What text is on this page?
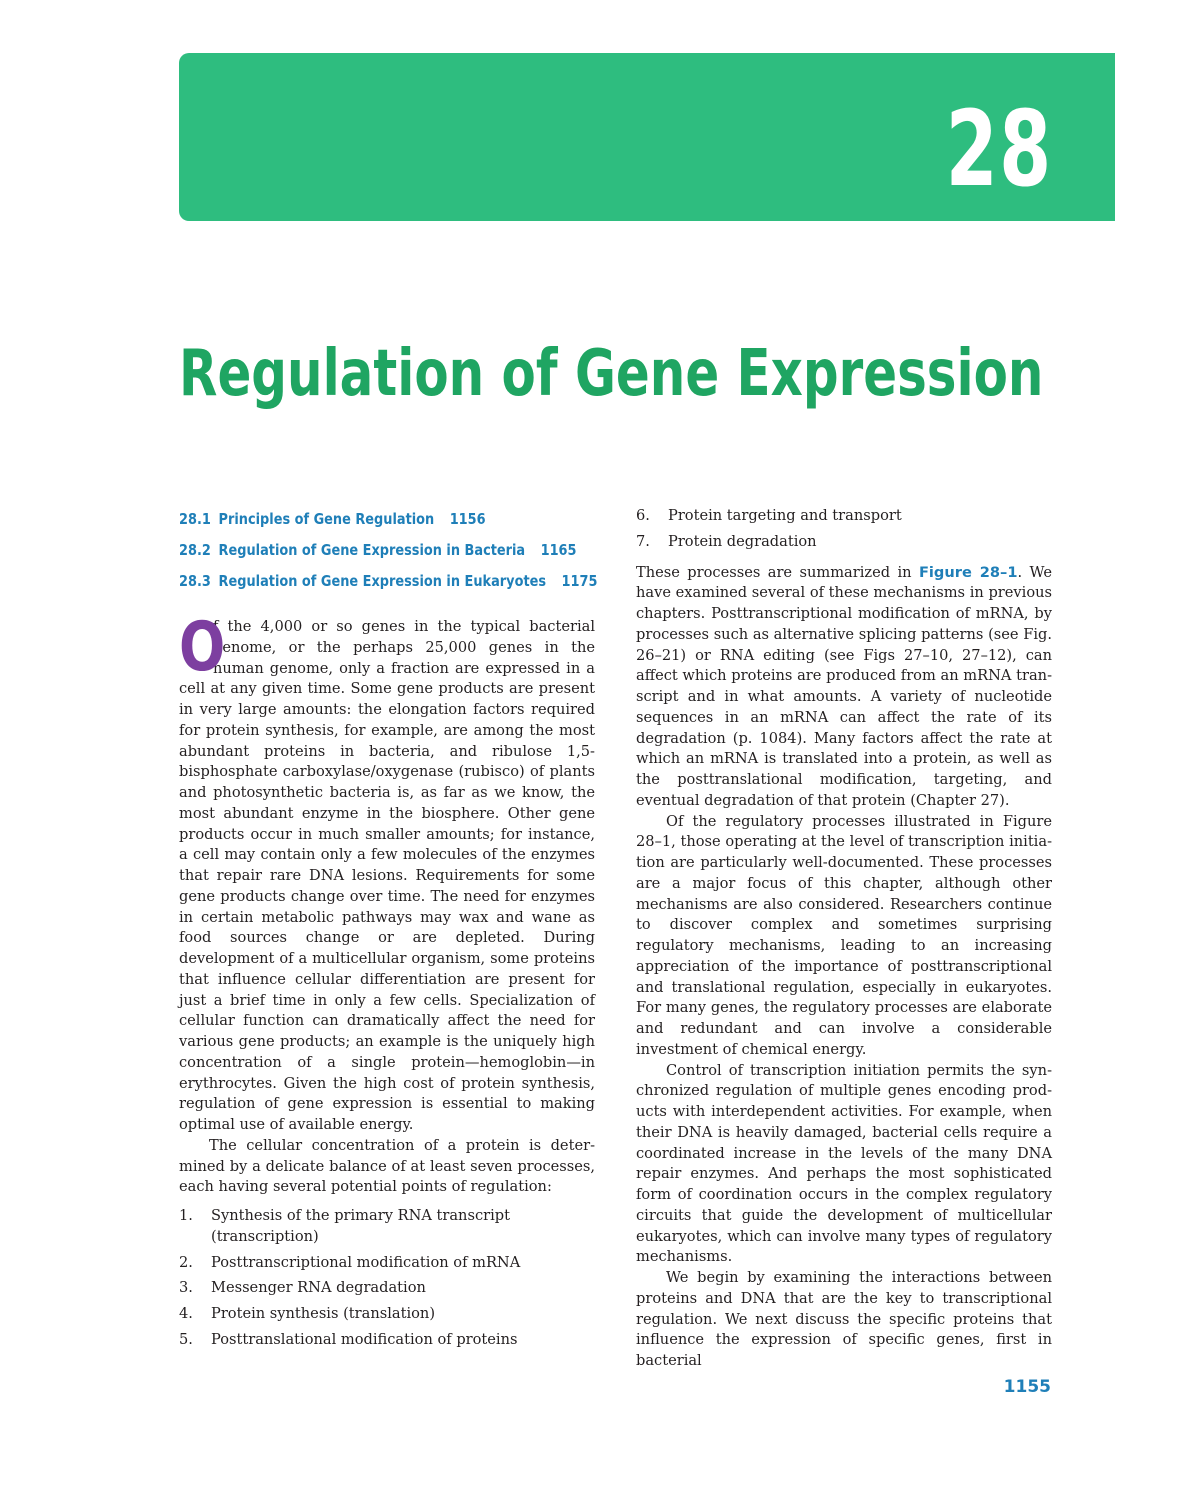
28
Regulation of Gene Expression
28.1 Principles of Gene Regulation 1156
28.2 Regulation of Gene Expression in Bacteria 1165
28.3 Regulation of Gene Expression in Eukaryotes 1175

O
f the 4,000 or so genes in the typical bacterial genome, or the perhaps 25,000 genes in the human genome, only a fraction are expressed in a cell at any given time. Some gene products are present in very large amounts: the elongation factors required for protein synthesis, for example, are among the most abundant proteins in bacteria, and ribulose 1,5-bisphosphate carboxylase/oxygenase (rubisco) of plants and photosynthetic bacteria is, as far as we know, the most abundant enzyme in the biosphere. Other gene products occur in much smaller amounts; for instance, a cell may contain only a few molecules of the enzymes that repair rare DNA lesions. Requirements for some gene products change over time. The need for enzymes in certain metabolic pathways may wax and wane as food sources change or are depleted. During development of a multicellular organism, some proteins that influence cellular differentiation are present for just a brief time in only a few cells. Specialization of cellular function can dramatically affect the need for various gene products; an example is the uniquely high concentration of a single protein—hemoglobin—in erythrocytes. Given the high cost of protein synthesis, regulation of gene expression is essential to making optimal use of available energy.

The cellular concentration of a protein is determined by a delicate balance of at least seven processes, each having several potential points of regulation:

1.	Synthesis of the primary RNA transcript (transcription)
2.	Posttranscriptional modification of mRNA
3.	Messenger RNA degradation
4.	Protein synthesis (translation)
5.	Posttranslational modification of proteins
6.	Protein targeting and transport
7.	Protein degradation

These processes are summarized in Figure 28–1. We have examined several of these mechanisms in previous chapters. Posttranscriptional modification of mRNA, by processes such as alternative splicing patterns (see Fig. 26–21) or RNA editing (see Figs 27–10, 27–12), can affect which proteins are produced from an mRNA transcript and in what amounts. A variety of nucleotide sequences in an mRNA can affect the rate of its degradation (p. 1084). Many factors affect the rate at which an mRNA is translated into a protein, as well as the posttranslational modification, targeting, and eventual degradation of that protein (Chapter 27).

Of the regulatory processes illustrated in Figure 28–1, those operating at the level of transcription initiation are particularly well-documented. These processes are a major focus of this chapter, although other mechanisms are also considered. Researchers continue to discover complex and sometimes surprising regulatory mechanisms, leading to an increasing appreciation of the importance of posttranscriptional and translational regulation, especially in eukaryotes. For many genes, the regulatory processes are elaborate and redundant and can involve a considerable investment of chemical energy.

Control of transcription initiation permits the synchronized regulation of multiple genes encoding products with interdependent activities. For example, when their DNA is heavily damaged, bacterial cells require a coordinated increase in the levels of the many DNA repair enzymes. And perhaps the most sophisticated form of coordination occurs in the complex regulatory circuits that guide the development of multicellular eukaryotes, which can involve many types of regulatory mechanisms.

We begin by examining the interactions between proteins and DNA that are the key to transcriptional regulation. We next discuss the specific proteins that influence the expression of specific genes, first in bacterial

1155
